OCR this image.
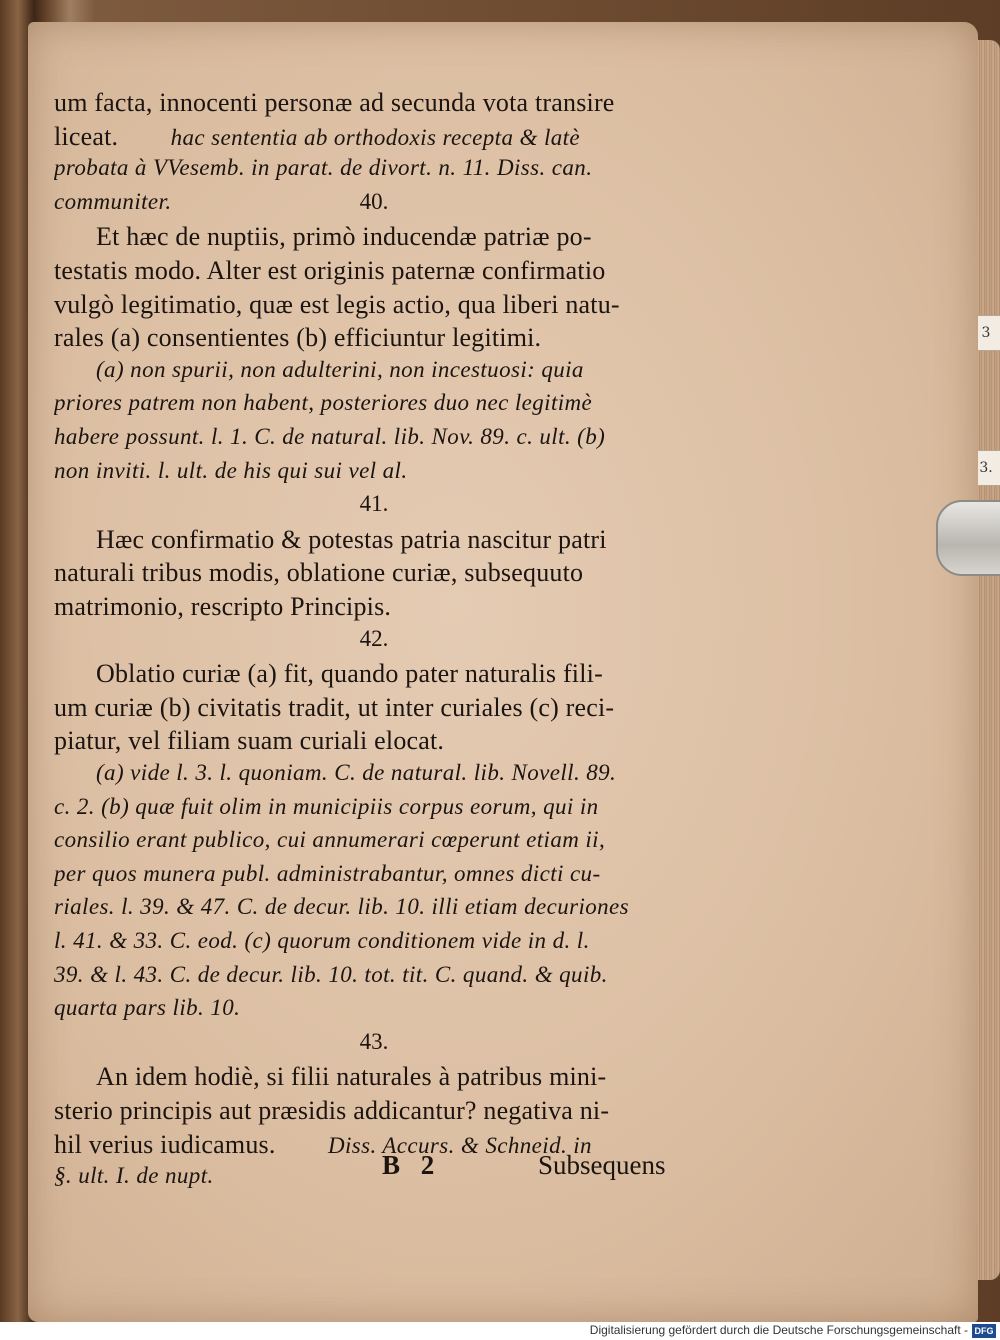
3
3.
um facta, innocenti personæ ad secunda vota transire
liceat.   hac sententia ab orthodoxis recepta & latè
probata à VVesemb. in parat. de divort. n. 11. Diss. can.
communiter.	40.
Et hæc de nuptiis, primò inducendæ patriæ po-
testatis modo. Alter est originis paternæ confirmatio
vulgò legitimatio, quæ est legis actio, qua liberi natu-
rales (a) consentientes (b) efficiuntur legitimi.
(a) non spurii, non adulterini, non incestuosi: quia
priores patrem non habent, posteriores duo nec legitimè
habere possunt. l. 1. C. de natural. lib. Nov. 89. c. ult. (b)
non inviti. l. ult. de his qui sui vel al.
41.
Hæc confirmatio & potestas patria nascitur patri
naturali tribus modis, oblatione curiæ, subsequuto
matrimonio, rescripto Principis.
42.
Oblatio curiæ (a) fit, quando pater naturalis fili-
um curiæ (b) civitatis tradit, ut inter curiales (c) reci-
piatur, vel filiam suam curiali elocat.
(a) vide l. 3. l. quoniam. C. de natural. lib. Novell. 89.
c. 2. (b) quæ fuit olim in municipiis corpus eorum, qui in
consilio erant publico, cui annumerari cœperunt etiam ii,
per quos munera publ. administrabantur, omnes dicti cu-
riales. l. 39. & 47. C. de decur. lib. 10. illi etiam decuriones
l. 41. & 33. C. eod. (c) quorum conditionem vide in d. l.
39. & l. 43. C. de decur. lib. 10. tot. tit. C. quand. & quib.
quarta pars lib. 10.
43.
An idem hodiè, si filii naturales à patribus mini-
sterio principis aut præsidis addicantur? negativa ni-
hil verius iudicamus.   Diss. Accurs. & Schneid. in
§. ult. I. de nupt.	B 2	Subsequens
Digitalisierung gefördert durch die Deutsche Forschungsgemeinschaft - DFG
